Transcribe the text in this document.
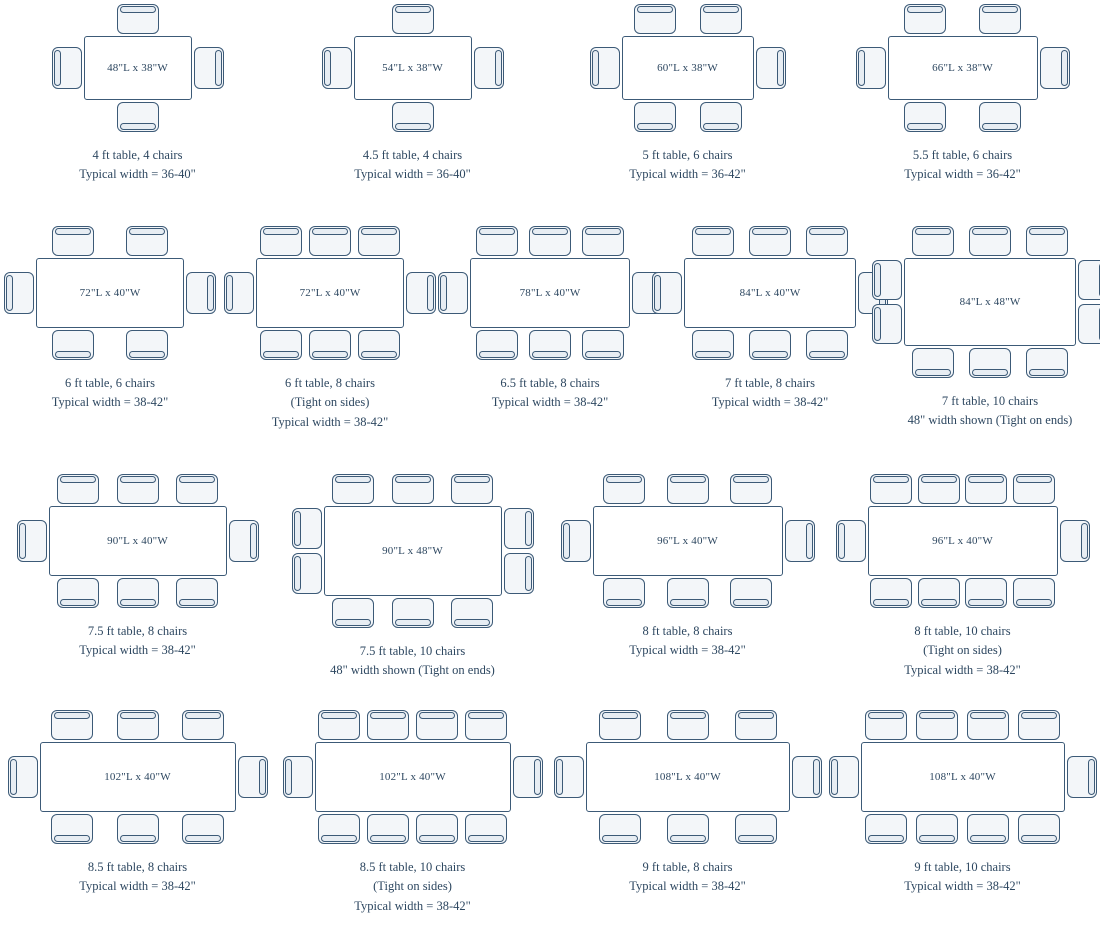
48"L x 38"W
4 ft table, 4 chairs
Typical width = 36-40"
54"L x 38"W
4.5 ft table, 4 chairs
Typical width = 36-40"
60"L x 38"W
5 ft table, 6 chairs
Typical width = 36-42"
66"L x 38"W
5.5 ft table, 6 chairs
Typical width = 36-42"
72"L x 40"W
6 ft table, 6 chairs
Typical width = 38-42"
72"L x 40"W
6 ft table, 8 chairs
(Tight on sides)
Typical width = 38-42"
78"L x 40"W
6.5 ft table, 8 chairs
Typical width = 38-42"
84"L x 40"W
7 ft table, 8 chairs
Typical width = 38-42"
84"L x 48"W
7 ft table, 10 chairs
48" width shown (Tight on ends)
90"L x 40"W
7.5 ft table, 8 chairs
Typical width = 38-42"
90"L x 48"W
7.5 ft table, 10 chairs
48" width shown (Tight on ends)
96"L x 40"W
8 ft table, 8 chairs
Typical width = 38-42"
96"L x 40"W
8 ft table, 10 chairs
(Tight on sides)
Typical width = 38-42"
102"L x 40"W
8.5 ft table, 8 chairs
Typical width = 38-42"
102"L x 40"W
8.5 ft table, 10 chairs
(Tight on sides)
Typical width = 38-42"
108"L x 40"W
9 ft table, 8 chairs
Typical width = 38-42"
108"L x 40"W
9 ft table, 10 chairs
Typical width = 38-42"
